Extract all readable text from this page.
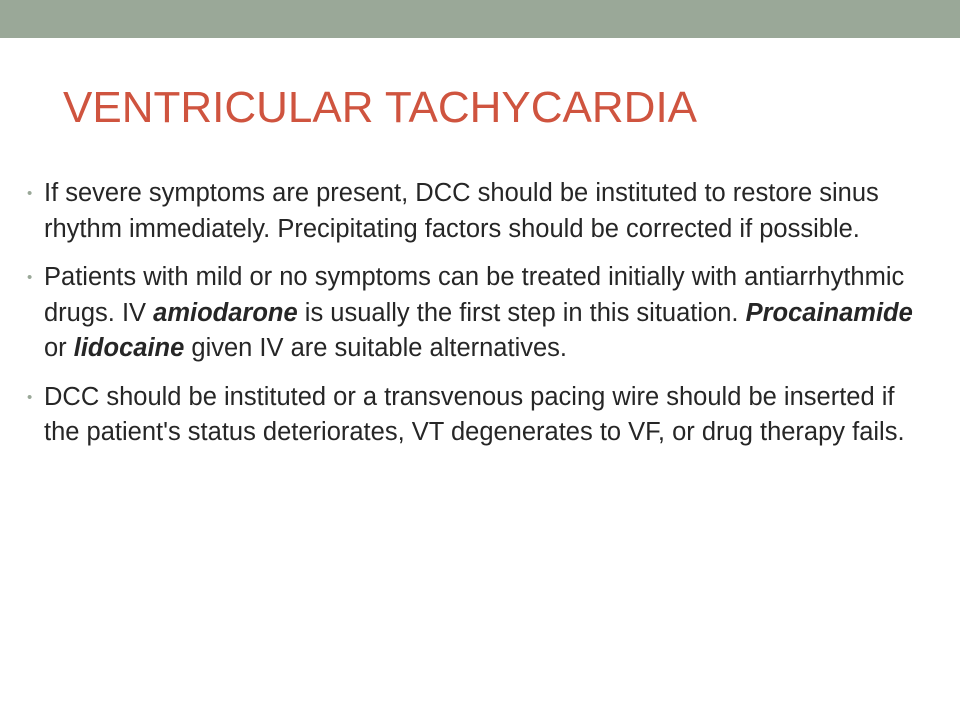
VENTRICULAR TACHYCARDIA
• If severe symptoms are present, DCC should be instituted to restore sinus rhythm immediately. Precipitating factors should be corrected if possible.
• Patients with mild or no symptoms can be treated initially with antiarrhythmic drugs. IV amiodarone is usually the first step in this situation. Procainamide or lidocaine given IV are suitable alternatives.
• DCC should be instituted or a transvenous pacing wire should be inserted if the patient's status deteriorates, VT degenerates to VF, or drug therapy fails.
